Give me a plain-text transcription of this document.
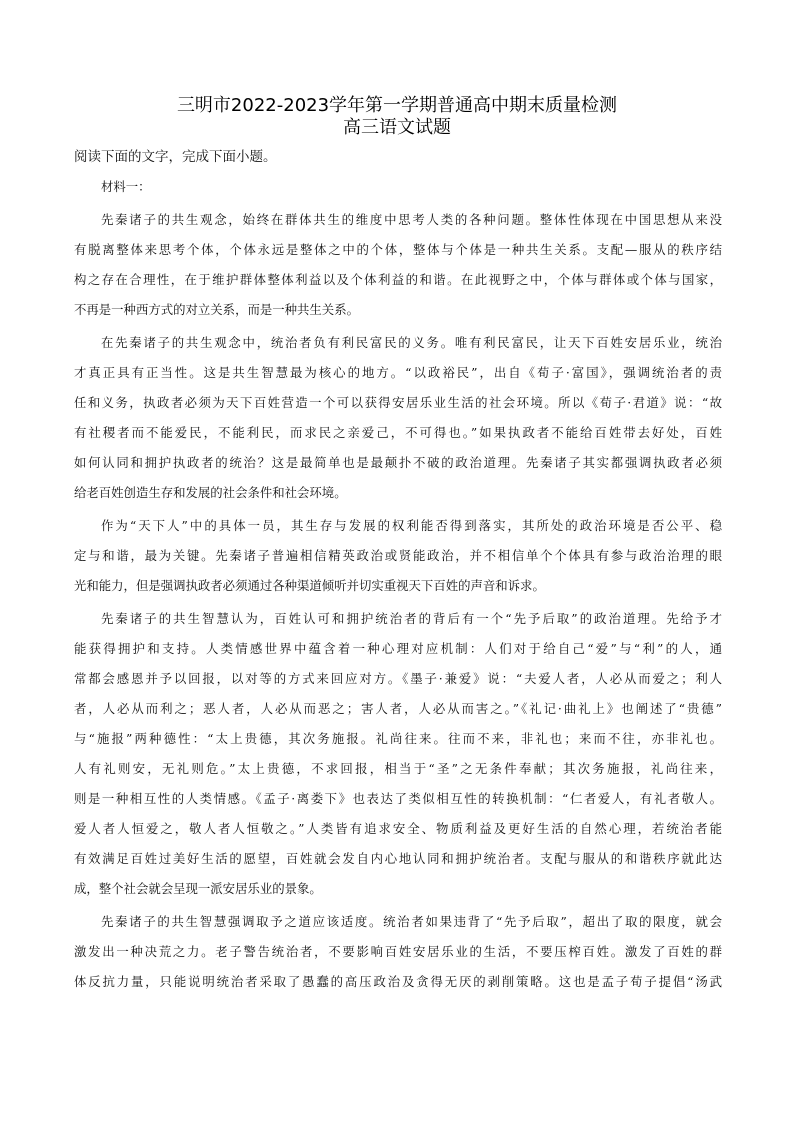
三明市2022-2023学年第一学期普通高中期末质量检测
高三语文试题
阅读下面的文字，完成下面小题。
材料一：
先秦诸子的共生观念，始终在群体共生的维度中思考人类的各种问题。整体性体现在中国思想从来没
有脱离整体来思考个体，个体永远是整体之中的个体，整体与个体是一种共生关系。支配—服从的秩序结
构之存在合理性，在于维护群体整体利益以及个体利益的和谐。在此视野之中，个体与群体或个体与国家，
不再是一种西方式的对立关系，而是一种共生关系。
在先秦诸子的共生观念中，统治者负有利民富民的义务。唯有利民富民，让天下百姓安居乐业，统治
才真正具有正当性。这是共生智慧最为核心的地方。“以政裕民”，出自《荀子·富国》，强调统治者的责
任和义务，执政者必须为天下百姓营造一个可以获得安居乐业生活的社会环境。所以《荀子·君道》说：“故
有社稷者而不能爱民，不能利民，而求民之亲爱己，不可得也。”如果执政者不能给百姓带去好处，百姓
如何认同和拥护执政者的统治？这是最简单也是最颠扑不破的政治道理。先秦诸子其实都强调执政者必须
给老百姓创造生存和发展的社会条件和社会环境。
作为“天下人”中的具体一员，其生存与发展的权利能否得到落实，其所处的政治环境是否公平、稳
定与和谐，最为关键。先秦诸子普遍相信精英政治或贤能政治，并不相信单个个体具有参与政治治理的眼
光和能力，但是强调执政者必须通过各种渠道倾听并切实重视天下百姓的声音和诉求。
先秦诸子的共生智慧认为，百姓认可和拥护统治者的背后有一个“先予后取”的政治道理。先给予才
能获得拥护和支持。人类情感世界中蕴含着一种心理对应机制：人们对于给自己“爱”与“利”的人，通
常都会感恩并予以回报，以对等的方式来回应对方。《墨子·兼爱》说：“夫爱人者，人必从而爱之；利人
者，人必从而利之；恶人者，人必从而恶之；害人者，人必从而害之。”《礼记·曲礼上》也阐述了“贵德”
与“施报”两种德性：“太上贵德，其次务施报。礼尚往来。往而不来，非礼也；来而不往，亦非礼也。
人有礼则安，无礼则危。”太上贵德，不求回报，相当于“圣”之无条件奉献；其次务施报，礼尚往来，
则是一种相互性的人类情感。《孟子·离娄下》也表达了类似相互性的转换机制：“仁者爱人，有礼者敬人。
爱人者人恒爱之，敬人者人恒敬之。”人类皆有追求安全、物质利益及更好生活的自然心理，若统治者能
有效满足百姓过美好生活的愿望，百姓就会发自内心地认同和拥护统治者。支配与服从的和谐秩序就此达
成，整个社会就会呈现一派安居乐业的景象。
先秦诸子的共生智慧强调取予之道应该适度。统治者如果违背了“先予后取”，超出了取的限度，就会
激发出一种决荒之力。老子警告统治者，不要影响百姓安居乐业的生活，不要压榨百姓。激发了百姓的群
体反抗力量，只能说明统治者采取了愚蠢的高压政治及贪得无厌的剥削策略。这也是孟子荀子提倡“汤武
